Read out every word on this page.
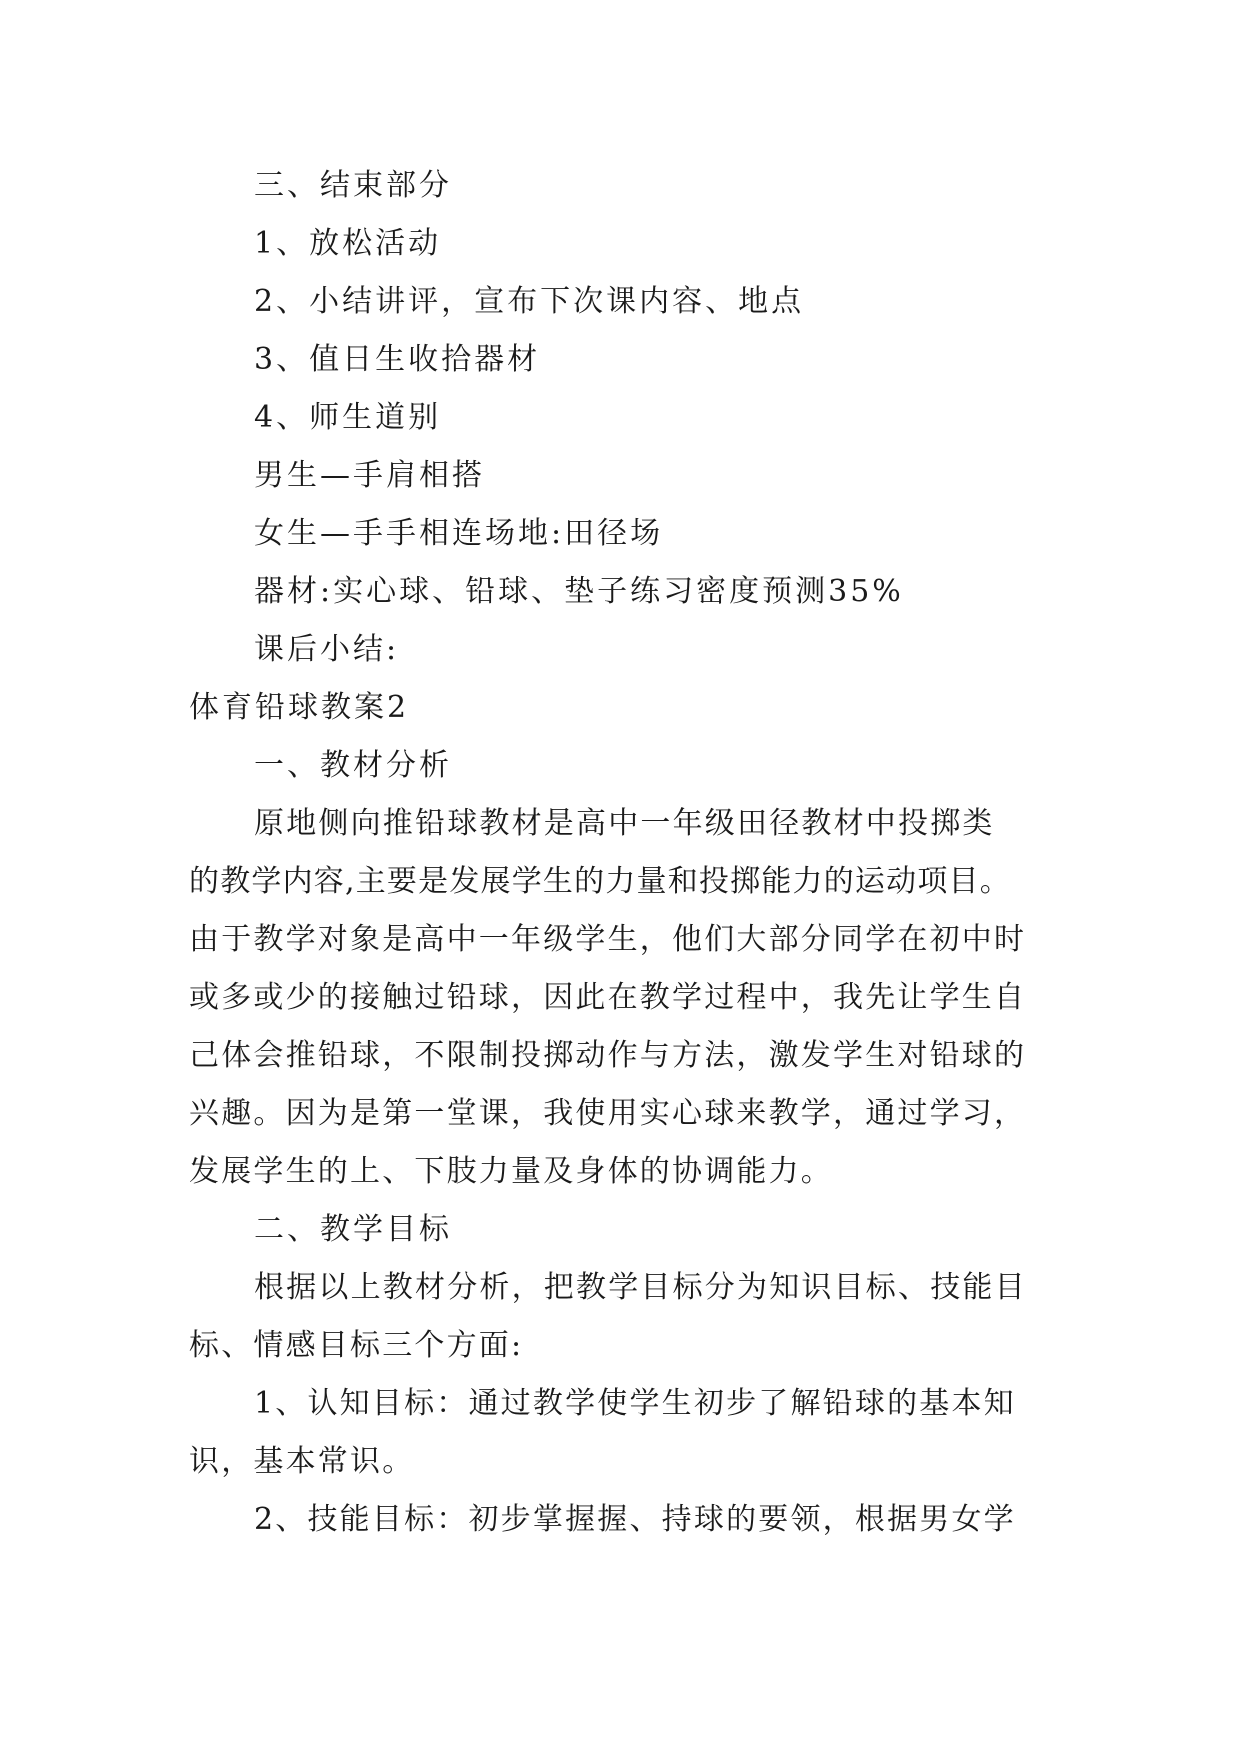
三、结束部分
1、放松活动
2、小结讲评，宣布下次课内容、地点
3、值日生收拾器材
4、师生道别
男生—手肩相搭
女生—手手相连场地:田径场
器材:实心球、铅球、垫子练习密度预测35%
课后小结:
体育铅球教案2
一、教材分析
原地侧向推铅球教材是高中一年级田径教材中投掷类
的教学内容,主要是发展学生的力量和投掷能力的运动项目。
由于教学对象是高中一年级学生，他们大部分同学在初中时
或多或少的接触过铅球，因此在教学过程中，我先让学生自
己体会推铅球，不限制投掷动作与方法，激发学生对铅球的
兴趣。因为是第一堂课，我使用实心球来教学，通过学习，
发展学生的上、下肢力量及身体的协调能力。
二、教学目标
根据以上教材分析，把教学目标分为知识目标、技能目
标、情感目标三个方面:
1、认知目标：通过教学使学生初步了解铅球的基本知
识，基本常识。
2、技能目标：初步掌握握、持球的要领，根据男女学
